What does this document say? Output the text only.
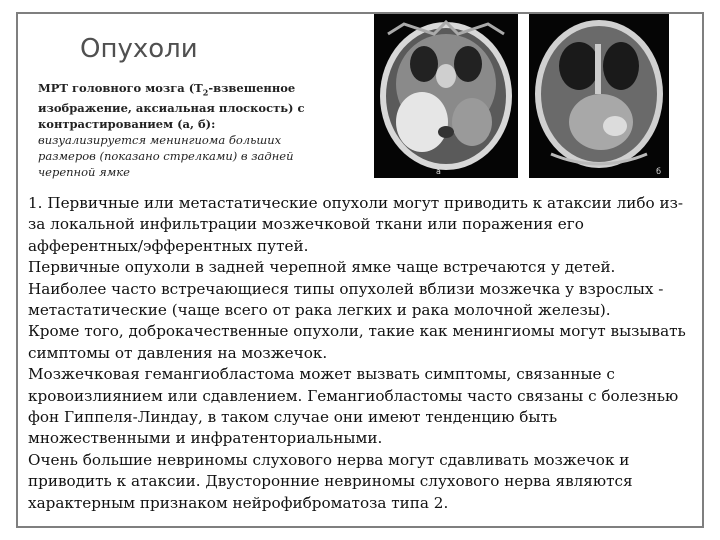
Опухоли
МРТ головного мозга ($Т_2$-взвешенное изображение, аксиальная плоскость) с контрастированием (а, б):
визуализируется менингиома больших размеров (показано стрелками) в задней черепной ямке	а	б

1. Первичные или метастатические опухоли могут приводить к атаксии либо из-за локальной инфильтрации мозжечковой ткани или поражения его афферентных/эфферентных путей.

Первичные опухоли в задней черепной ямке чаще встречаются у детей.

Наиболее часто встречающиеся типы опухолей вблизи мозжечка у взрослых - метастатические (чаще всего от рака легких и рака молочной железы).

Кроме того, доброкачественные опухоли, такие как менингиомы могут вызывать симптомы от давления на мозжечок.

Мозжечковая гемангиобластома может вызвать симптомы, связанные с кровоизлиянием или сдавлением. Гемангиобластомы часто связаны с болезнью фон Гиппеля-Линдау, в таком случае они имеют тенденцию быть множественными и инфратенториальными.

Очень большие невриномы слухового нерва могут сдавливать мозжечок и приводить к атаксии. Двусторонние невриномы слухового нерва являются характерным признаком нейрофиброматоза типа 2.
